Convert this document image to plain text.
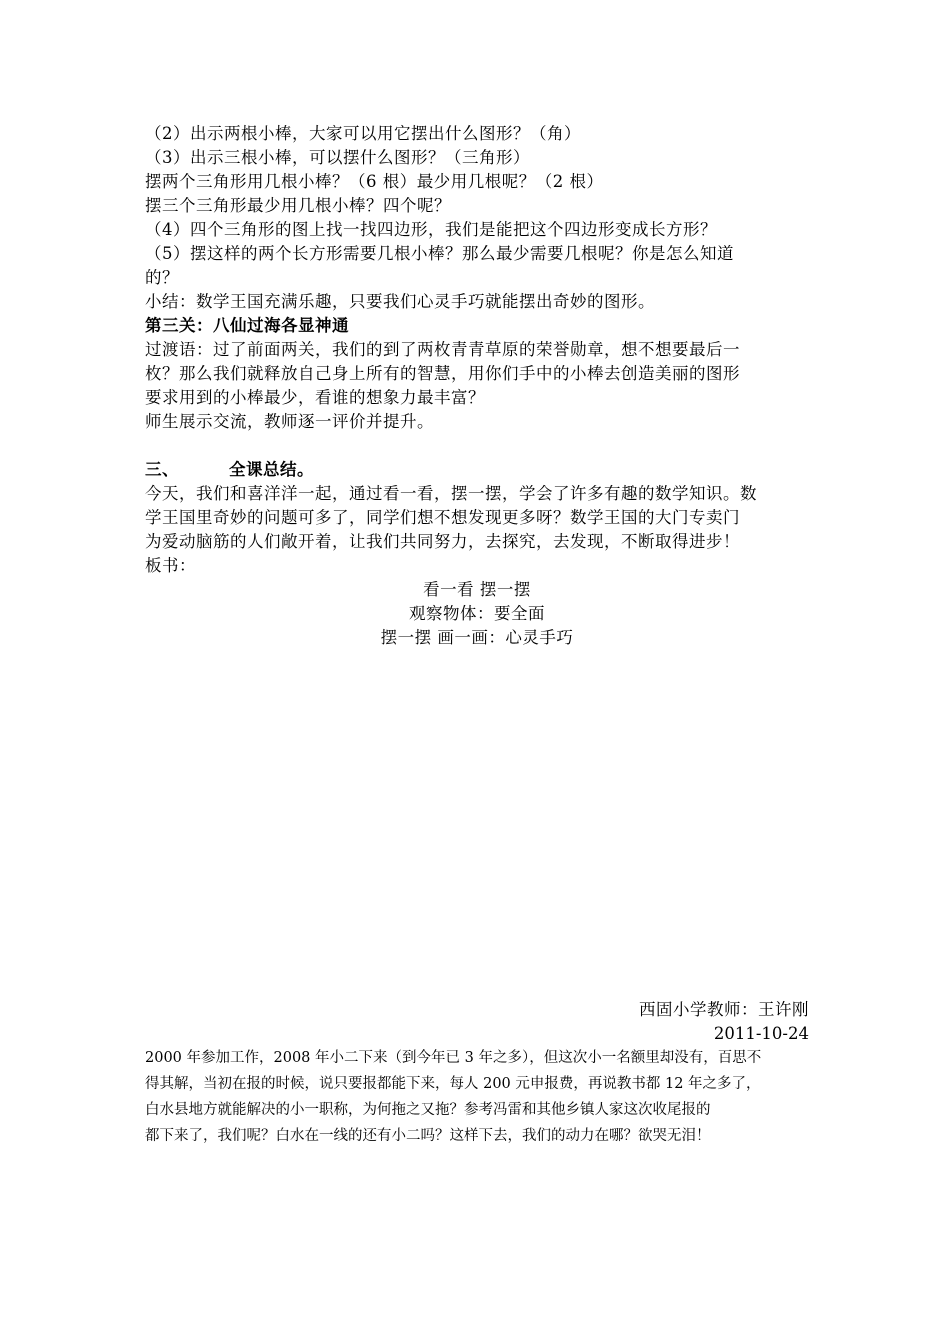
（2）出示两根小棒，大家可以用它摆出什么图形？（角）
（3）出示三根小棒，可以摆什么图形？（三角形）
摆两个三角形用几根小棒？（6 根）最少用几根呢？（2 根）
摆三个三角形最少用几根小棒？四个呢？
（4）四个三角形的图上找一找四边形，我们是能把这个四边形变成长方形？
（5）摆这样的两个长方形需要几根小棒？那么最少需要几根呢？你是怎么知道
的？
小结：数学王国充满乐趣，只要我们心灵手巧就能摆出奇妙的图形。
第三关：八仙过海各显神通
过渡语：过了前面两关，我们的到了两枚青青草原的荣誉勋章，想不想要最后一
枚？那么我们就释放自己身上所有的智慧，用你们手中的小棒去创造美丽的图形
要求用到的小棒最少，看谁的想象力最丰富？
师生展示交流，教师逐一评价并提升。
三、	全课总结。
今天，我们和喜洋洋一起，通过看一看，摆一摆，学会了许多有趣的数学知识。数
学王国里奇妙的问题可多了，同学们想不想发现更多呀？数学王国的大门专卖门
为爱动脑筋的人们敞开着，让我们共同努力，去探究，去发现，不断取得进步！
板书：
看一看 摆一摆
观察物体：要全面
摆一摆 画一画：心灵手巧
西固小学教师：王许刚
2011-10-24
2000 年参加工作，2008 年小二下来（到今年已 3 年之多），但这次小一名额里却没有，百思不
得其解，当初在报的时候，说只要报都能下来，每人 200 元申报费，再说教书都 12 年之多了，
白水县地方就能解决的小一职称，为何拖之又拖？参考冯雷和其他乡镇人家这次收尾报的
都下来了，我们呢？白水在一线的还有小二吗？这样下去，我们的动力在哪？欲哭无泪！
